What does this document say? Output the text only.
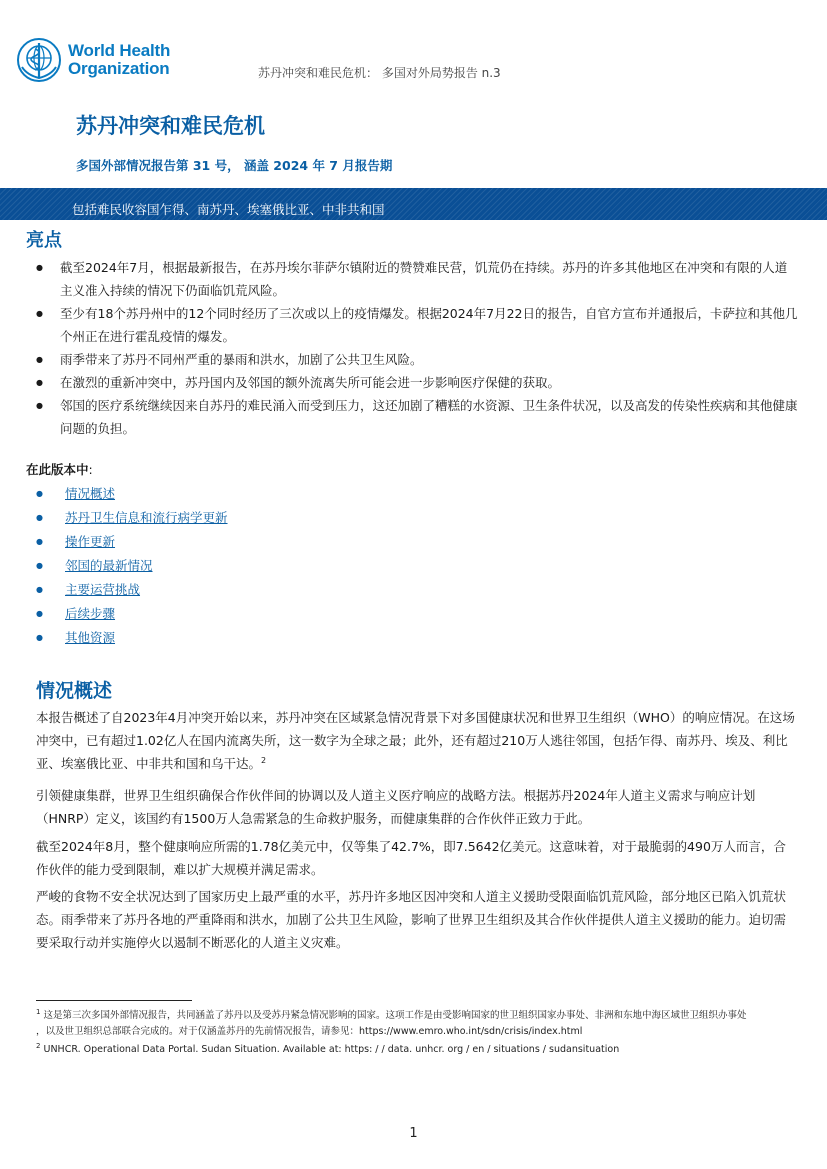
World Health
Organization	苏丹冲突和难民危机： 多国对外局势报告 n.3
苏丹冲突和难民危机
多国外部情况报告第 31 号， 涵盖 2024 年 7 月报告期
包括难民收容国乍得、南苏丹、埃塞俄比亚、中非共和国
亮点
● 截至2024年7月，根据最新报告，在苏丹埃尔菲萨尔镇附近的赞赞难民营，饥荒仍在持续。苏丹的许多其他地区在冲突和有限的人道主义准入持续的情况下仍面临饥荒风险。
● 至少有18个苏丹州中的12个同时经历了三次或以上的疫情爆发。根据2024年7月22日的报告，自官方宣布并通报后，卡萨拉和其他几个州正在进行霍乱疫情的爆发。
● 雨季带来了苏丹不同州严重的暴雨和洪水，加剧了公共卫生风险。
● 在激烈的重新冲突中，苏丹国内及邻国的额外流离失所可能会进一步影响医疗保健的获取。
● 邻国的医疗系统继续因来自苏丹的难民涌入而受到压力，这还加剧了糟糕的水资源、卫生条件状况，以及高发的传染性疾病和其他健康问题的负担。
在此版本中:
● 情况概述
● 苏丹卫生信息和流行病学更新
● 操作更新
● 邻国的最新情况
● 主要运营挑战
● 后续步骤
● 其他资源
情况概述
本报告概述了自2023年4月冲突开始以来，苏丹冲突在区域紧急情况背景下对多国健康状况和世界卫生组织（WHO）的响应情况。在这场冲突中，已有超过1.02亿人在国内流离失所，这一数字为全球之最；此外，还有超过210万人逃往邻国，包括乍得、南苏丹、埃及、利比亚、埃塞俄比亚、中非共和国和乌干达。$^2$
引领健康集群，世界卫生组织确保合作伙伴间的协调以及人道主义医疗响应的战略方法。根据苏丹2024年人道主义需求与响应计划（HNRP）定义，该国约有1500万人急需紧急的生命救护服务，而健康集群的合作伙伴正致力于此。
截至2024年8月，整个健康响应所需的1.78亿美元中，仅等集了42.7%，即7.5642亿美元。这意味着，对于最脆弱的490万人而言，合作伙伴的能力受到限制，难以扩大规模并满足需求。
严峻的食物不安全状况达到了国家历史上最严重的水平，苏丹许多地区因冲突和人道主义援助受限面临饥荒风险，部分地区已陷入饥荒状态。雨季带来了苏丹各地的严重降雨和洪水，加剧了公共卫生风险，影响了世界卫生组织及其合作伙伴提供人道主义援助的能力。迫切需要采取行动并实施停火以遏制不断恶化的人道主义灾难。
$^1$ 这是第三次多国外部情况报告，共同涵盖了苏丹以及受苏丹紧急情况影响的国家。这项工作是由受影响国家的世卫组织国家办事处、非洲和东地中海区域世卫组织办事处
，以及世卫组织总部联合完成的。对于仅涵盖苏丹的先前情况报告，请参见：https://www.emro.who.int/sdn/crisis/index.html
$^2$ UNHCR. Operational Data Portal. Sudan Situation. Available at: https: / / data. unhcr. org / en / situations / sudansituation
1
